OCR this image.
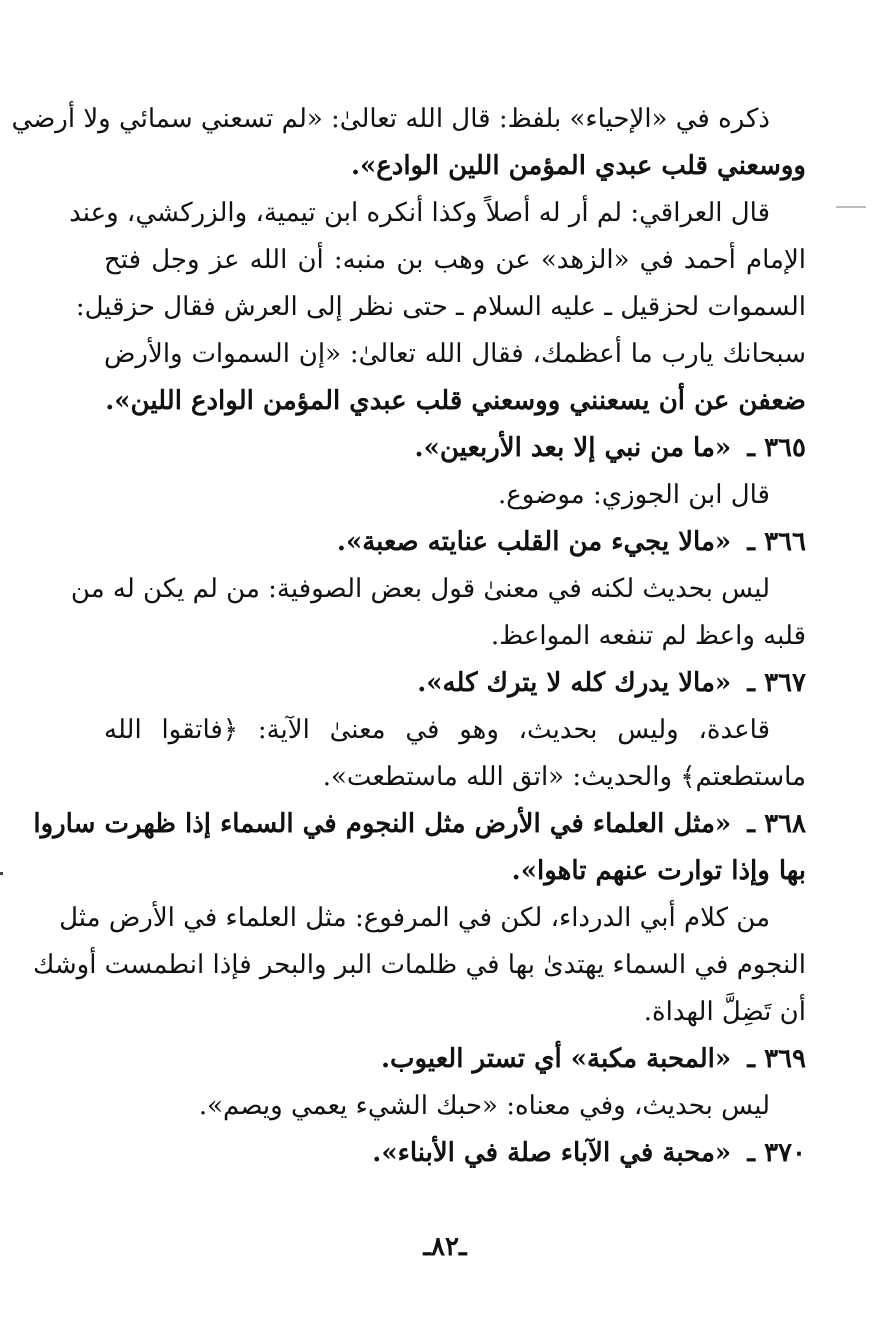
ذكره في «الإحياء» بلفظ: قال الله تعالىٰ: «لم تسعني سمائي ولا أرضي
ووسعني قلب عبدي المؤمن اللين الوادع».
قال العراقي: لم أر له أصلاً وكذا أنكره ابن تيمية، والزركشي، وعند
الإمام أحمد في «الزهد» عن وهب بن منبه: أن الله عز وجل فتح
السموات لحزقيل ـ عليه السلام ـ حتى نظر إلى العرش فقال حزقيل:
سبحانك يارب ما أعظمك، فقال الله تعالىٰ: «إن السموات والأرض
ضعفن عن أن يسعنني ووسعني قلب عبدي المؤمن الوادع اللين».
٣٦٥ ـ «ما من نبي إلا بعد الأربعين».
قال ابن الجوزي: موضوع.
٣٦٦ ـ «مالا يجيء من القلب عنايته صعبة».
ليس بحديث لكنه في معنىٰ قول بعض الصوفية: من لم يكن له من
قلبه واعظ لم تنفعه المواعظ.
٣٦٧ ـ «مالا يدرك كله لا يترك كله».
قاعدة، وليس بحديث، وهو في معنىٰ الآية: ﴿فاتقوا الله
ماستطعتم﴾ والحديث: «اتق الله ماستطعت».
٣٦٨ ـ «مثل العلماء في الأرض مثل النجوم في السماء إذا ظهرت ساروا
بها وإذا توارت عنهم تاهوا».
من كلام أبي الدرداء، لكن في المرفوع: مثل العلماء في الأرض مثل
النجوم في السماء يهتدىٰ بها في ظلمات البر والبحر فإذا انطمست أوشك
أن تَضِلَّ الهداة.
٣٦٩ ـ «المحبة مكبة» أي تستر العيوب.
ليس بحديث، وفي معناه: «حبك الشيء يعمي ويصم».
٣٧٠ ـ «محبة في الآباء صلة في الأبناء».
ـ٨٢ـ
